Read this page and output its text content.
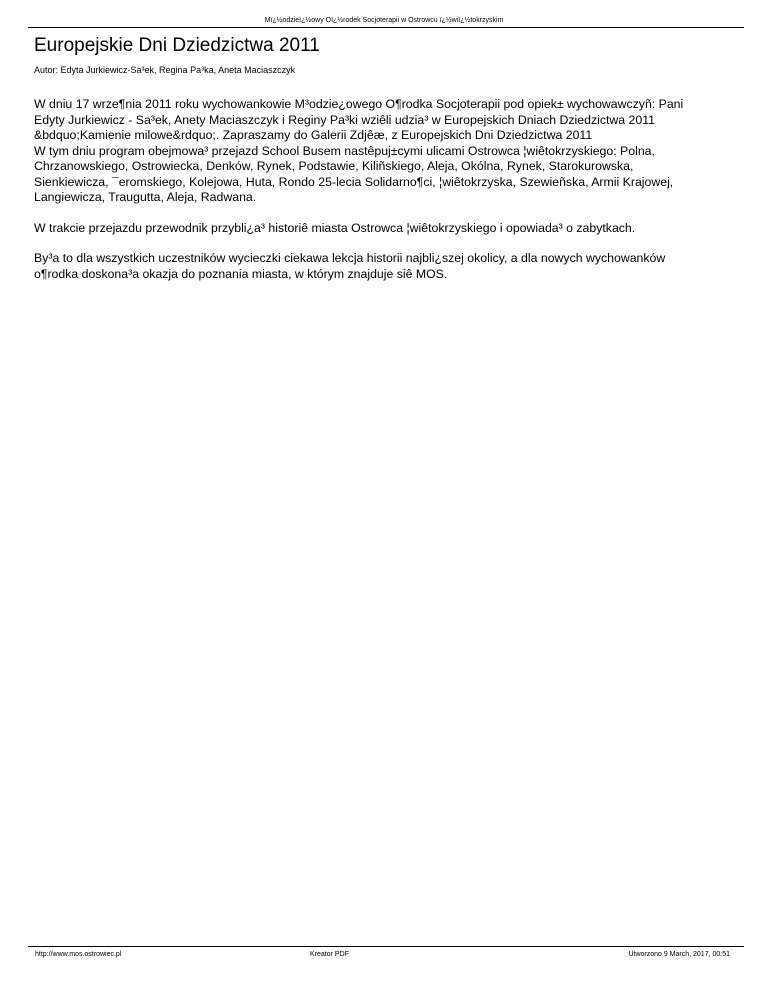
Mï¿½odzieï¿½owy Oï¿½rodek Socjoterapii w Ostrowcu ï¿½wiï¿½tokrzyskim
Europejskie Dni Dziedzictwa 2011
Autor: Edyta Jurkiewicz-Sa³ek, Regina Pa³ka, Aneta Maciaszczyk

W dniu 17 wrze¶nia 2011 roku wychowankowie M³odzie¿owego O¶rodka Socjoterapii pod opiek± wychowawczyñ: Pani
Edyty Jurkiewicz - Sa³ek, Anety Maciaszczyk i Reginy Pa³ki wziêli udzia³ w Europejskich Dniach Dziedzictwa 2011
&bdquo;Kamienie milowe&rdquo;. Zapraszamy do Galerii Zdjêæ, z Europejskich Dni Dziedzictwa 2011
W tym dniu program obejmowa³ przejazd School Busem nastêpuj±cymi ulicami Ostrowca ¦wiêtokrzyskiego: Polna,
Chrzanowskiego, Ostrowiecka, Denków, Rynek, Podstawie, Kiliñskiego, Aleja, Okólna, Rynek, Starokurowska,
Sienkiewicza, ¯eromskiego, Kolejowa, Huta, Rondo 25-lecia Solidarno¶ci, ¦wiêtokrzyska, Szewieñska, Armii Krajowej,
Langiewicza, Traugutta, Aleja, Radwana.

W trakcie przejazdu przewodnik przybli¿a³ historiê miasta Ostrowca ¦wiêtokrzyskiego i opowiada³ o zabytkach.

By³a to dla wszystkich uczestników wycieczki ciekawa lekcja historii najbli¿szej okolicy, a dla nowych wychowanków
o¶rodka doskona³a okazja do poznania miasta, w którym znajduje siê MOS.

http://www.mos.ostrowiec.pl	Kreator PDF	Utworzono 9 March, 2017, 00:51
